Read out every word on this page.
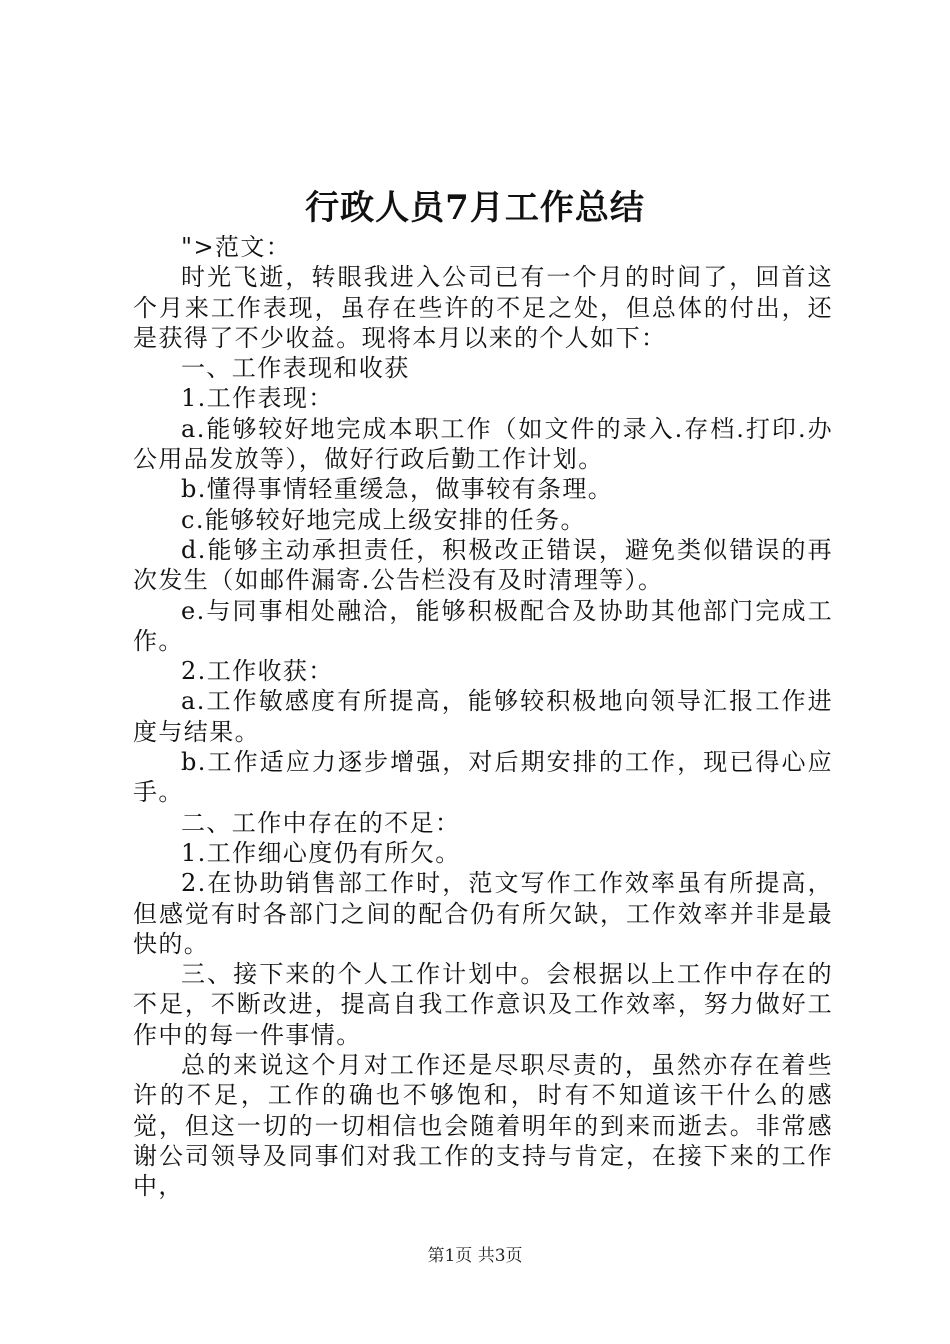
行政人员7月工作总结

">范文：

时光飞逝，转眼我进入公司已有一个月的时间了，回首这个月来工作表现，虽存在些许的不足之处，但总体的付出，还是获得了不少收益。现将本月以来的个人如下：

一、工作表现和收获

1.工作表现：

a.能够较好地完成本职工作（如文件的录入.存档.打印.办公用品发放等），做好行政后勤工作计划。

b.懂得事情轻重缓急，做事较有条理。

c.能够较好地完成上级安排的任务。

d.能够主动承担责任，积极改正错误，避免类似错误的再次发生（如邮件漏寄.公告栏没有及时清理等）。

e.与同事相处融洽，能够积极配合及协助其他部门完成工作。

2.工作收获：

a.工作敏感度有所提高，能够较积极地向领导汇报工作进度与结果。

b.工作适应力逐步增强，对后期安排的工作，现已得心应手。

二、工作中存在的不足：

1.工作细心度仍有所欠。

2.在协助销售部工作时，范文写作工作效率虽有所提高，但感觉有时各部门之间的配合仍有所欠缺，工作效率并非是最快的。

三、接下来的个人工作计划中。会根据以上工作中存在的不足，不断改进，提高自我工作意识及工作效率，努力做好工作中的每一件事情。

总的来说这个月对工作还是尽职尽责的，虽然亦存在着些许的不足，工作的确也不够饱和，时有不知道该干什么的感觉，但这一切的一切相信也会随着明年的到来而逝去。非常感谢公司领导及同事们对我工作的支持与肯定，在接下来的工作中，

第1页 共3页
